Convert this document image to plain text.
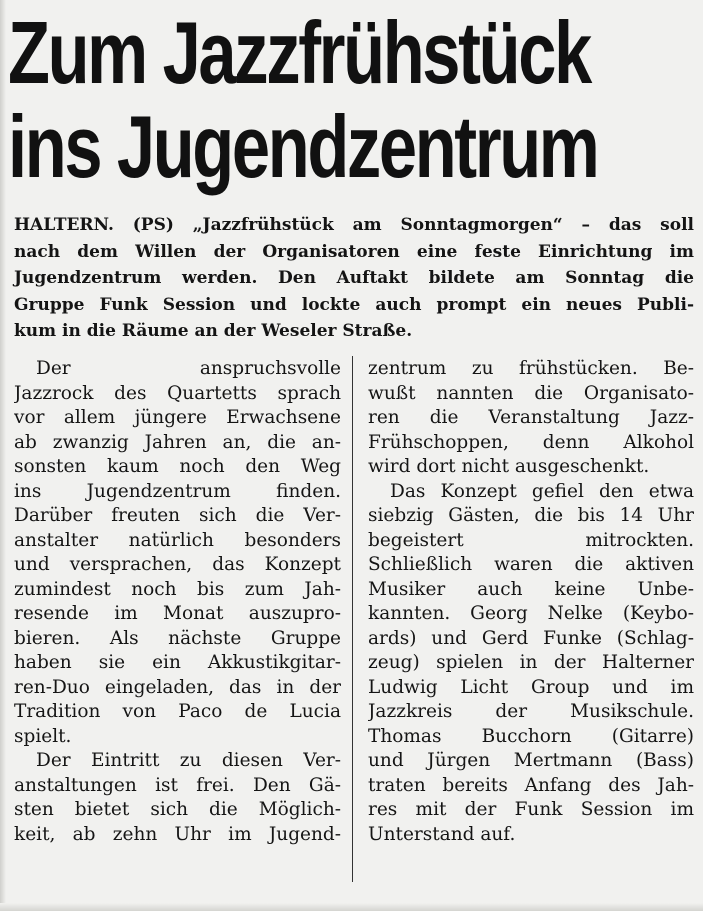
Zum Jazzfrühstück
ins Jugendzentrum
HALTERN. (PS) „Jazzfrühstück am Sonntagmorgen“ – das soll
nach dem Willen der Organisatoren eine feste Einrichtung im
Jugendzentrum werden. Den Auftakt bildete am Sonntag die
Gruppe Funk Session und lockte auch prompt ein neues Publi-
kum in die Räume an der Weseler Straße.
Der anspruchsvolle
Jazzrock des Quartetts sprach
vor allem jüngere Erwachsene
ab zwanzig Jahren an, die an-
sonsten kaum noch den Weg
ins Jugendzentrum finden.
Darüber freuten sich die Ver-
anstalter natürlich besonders
und versprachen, das Konzept
zumindest noch bis zum Jah-
resende im Monat auszupro-
bieren. Als nächste Gruppe
haben sie ein Akkustikgitar-
ren-Duo eingeladen, das in der
Tradition von Paco de Lucia
spielt.
Der Eintritt zu diesen Ver-
anstaltungen ist frei. Den Gä-
sten bietet sich die Möglich-
keit, ab zehn Uhr im Jugend-
zentrum zu frühstücken. Be-
wußt nannten die Organisato-
ren die Veranstaltung Jazz-
Frühschoppen, denn Alkohol
wird dort nicht ausgeschenkt.
Das Konzept gefiel den etwa
siebzig Gästen, die bis 14 Uhr
begeistert mitrockten.
Schließlich waren die aktiven
Musiker auch keine Unbe-
kannten. Georg Nelke (Keybo-
ards) und Gerd Funke (Schlag-
zeug) spielen in der Halterner
Ludwig Licht Group und im
Jazzkreis der Musikschule.
Thomas Bucchorn (Gitarre)
und Jürgen Mertmann (Bass)
traten bereits Anfang des Jah-
res mit der Funk Session im
Unterstand auf.
